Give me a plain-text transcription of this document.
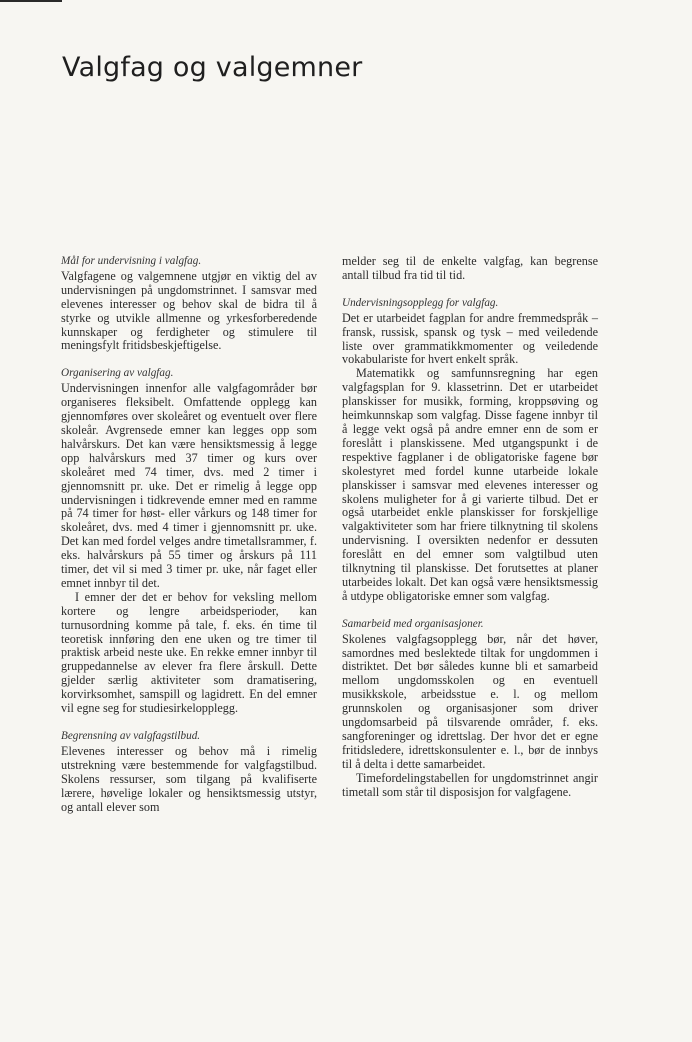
Valgfag og valgemner
Mål for undervisning i valgfag.

Valgfagene og valgemnene utgjør en viktig del av undervisningen på ungdomstrinnet. I samsvar med elevenes interesser og behov skal de bidra til å styrke og utvikle allmenne og yrkesforberedende kunnskaper og ferdigheter og stimulere til meningsfylt fritidsbeskjeftigelse.

Organisering av valgfag.

Undervisningen innenfor alle valgfagområder bør organiseres fleksibelt. Omfattende opplegg kan gjennomføres over skoleåret og eventuelt over flere skoleår. Avgrensede emner kan legges opp som halvårskurs. Det kan være hensiktsmessig å legge opp halvårskurs med 37 timer og kurs over skoleåret med 74 timer, dvs. med 2 timer i gjennomsnitt pr. uke. Det er rimelig å legge opp undervisningen i tidkrevende emner med en ramme på 74 timer for høst- eller vårkurs og 148 timer for skoleåret, dvs. med 4 timer i gjennomsnitt pr. uke. Det kan med fordel velges andre timetallsrammer, f. eks. halvårskurs på 55 timer og årskurs på 111 timer, det vil si med 3 timer pr. uke, når faget eller emnet innbyr til det.

I emner der det er behov for veksling mellom kortere og lengre arbeidsperioder, kan turnusordning komme på tale, f. eks. én time til teoretisk innføring den ene uken og tre timer til praktisk arbeid neste uke. En rekke emner innbyr til gruppedannelse av elever fra flere årskull. Dette gjelder særlig aktiviteter som dramatisering, korvirksomhet, samspill og lagidrett. En del emner vil egne seg for studiesirkelopplegg.

Begrensning av valgfagstilbud.

Elevenes interesser og behov må i rimelig utstrekning være bestemmende for valgfagstilbud. Skolens ressurser, som tilgang på kvalifiserte lærere, høvelige lokaler og hensiktsmessig utstyr, og antall elever som

melder seg til de enkelte valgfag, kan begrense antall tilbud fra tid til tid.

Undervisningsopplegg for valgfag.

Det er utarbeidet fagplan for andre fremmedspråk – fransk, russisk, spansk og tysk – med veiledende liste over grammatikkmomenter og veiledende vokabulariste for hvert enkelt språk.

Matematikk og samfunnsregning har egen valgfagsplan for 9. klassetrinn. Det er utarbeidet planskisser for musikk, forming, kroppsøving og heimkunnskap som valgfag. Disse fagene innbyr til å legge vekt også på andre emner enn de som er foreslått i planskissene. Med utgangspunkt i de respektive fagplaner i de obligatoriske fagene bør skolestyret med fordel kunne utarbeide lokale planskisser i samsvar med elevenes interesser og skolens muligheter for å gi varierte tilbud. Det er også utarbeidet enkle planskisser for forskjellige valgaktiviteter som har friere tilknytning til skolens undervisning. I oversikten nedenfor er dessuten foreslått en del emner som valgtilbud uten tilknytning til planskisse. Det forutsettes at planer utarbeides lokalt. Det kan også være hensiktsmessig å utdype obligatoriske emner som valgfag.

Samarbeid med organisasjoner.

Skolenes valgfagsopplegg bør, når det høver, samordnes med beslektede tiltak for ungdommen i distriktet. Det bør således kunne bli et samarbeid mellom ungdomsskolen og en eventuell musikkskole, arbeidsstue e. l. og mellom grunnskolen og organisasjoner som driver ungdomsarbeid på tilsvarende områder, f. eks. sangforeninger og idrettslag. Der hvor det er egne fritidsledere, idrettskonsulenter e. l., bør de innbys til å delta i dette samarbeidet.

Timefordelingstabellen for ungdomstrinnet angir timetall som står til disposisjon for valgfagene.
